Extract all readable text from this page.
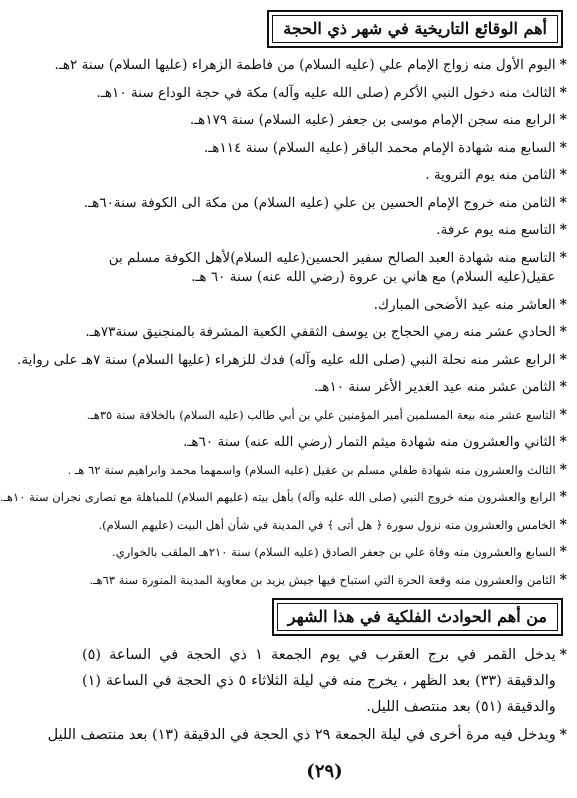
أهم الوقائع التاريخية في شهر ذي الحجة
*
اليوم الأول منه زواج الإمام علي (عليه السلام) من فاطمة الزهراء (عليها السلام) سنة ٢هـ.
*
الثالث منه دخول النبي الأكرم (صلى الله عليه وآله) مكة في حجة الوداع سنة ١٠هـ.
*
الرابع منه سجن الإمام موسى بن جعفر (عليه السلام) سنة ١٧٩هـ.
*
السابع منه شهادة الإمام محمد الباقر (عليه السلام) سنة ١١٤هـ.
*
الثامن منه يوم التروية .
*
الثامن منه خروج الإمام الحسين بن علي (عليه السلام) من مكة الى الكوفة سنة٦٠هـ.
*
التاسع منه يوم عرفة.
*
التاسع منه شهادة العبد الصالح سفير الحسين(عليه السلام)لأهل الكوفة مسلم بن عقيل(عليه السلام) مع هاني بن عروة (رضي الله عنه) سنة ٦٠ هـ.
*
العاشر منه عيد الأضحى المبارك.
*
الحادي عشر منه رمي الحجاج بن يوسف الثقفي الكعبة المشرفة بالمنجنيق سنة٧٣هـ.
*
الرابع عشر منه نحلة النبي (صلى الله عليه وآله) فدك للزهراء (عليها السلام) سنة ٧هـ على رواية.
*
الثامن عشر منه عيد الغدير الأغر سنة ١٠هـ.
*
التاسع عشر منه بيعة المسلمين أمير المؤمنين علي بن أبي طالب (عليه السلام) بالخلافة سنة ٣٥هـ.
*
الثاني والعشرون منه شهادة ميثم التمار (رضي الله عنه) سنة ٦٠هـ.
*
الثالث والعشرون منه شهادة طفلي مسلم بن عقيل (عليه السلام) واسمهما محمد وابراهيم سنة ٦٢ هـ .
*
الرابع والعشرون منه خروج النبي (صلى الله عليه وآله) بأهل بيته (عليهم السلام) للمباهلة مع نصارى نجران سنة ١٠هـ.
*
الخامس والعشرون منه نزول سورة ﴿ هل أتى ﴾ في المدينة في شأن أهل البيت (عليهم السلام).
*
السابع والعشرون منه وفاة علي بن جعفر الصادق (عليه السلام) سنة ٢١٠هـ الملقب بالخواري.
*
الثامن والعشرون منه وقعة الحرة التي استباح فيها جيش يزيد بن معاوية المدينة المنورة سنة ٦٣هـ.
من أهم الحوادث الفلكية في هذا الشهر
*
يدخل القمر في برج العقرب في يوم الجمعة ١ ذي الحجة في الساعة (٥) والدقيقة (٣٣) بعد الظهر ، يخرج منه في ليلة الثلاثاء ٥ ذي الحجة في الساعة (١) والدقيقة (٥١) بعد منتصف الليل.
*
ويدخل فيه مرة أخرى في ليلة الجمعة ٢٩ ذي الحجة في الدقيقة (١٣) بعد منتصف الليل
(٢٩)
